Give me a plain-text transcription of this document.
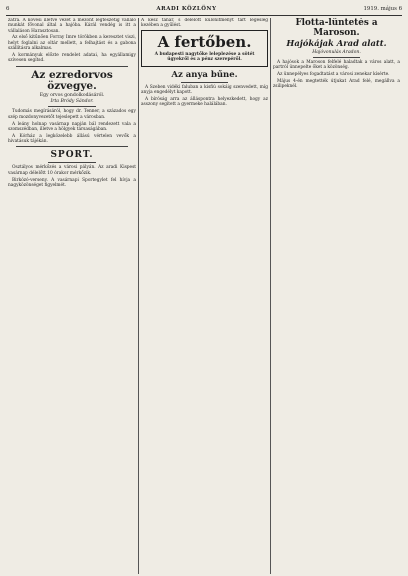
6	ARADI KÖZLÖNY	1919. május 6

zatra. A kövesi illetve vezet a mezőnt legteszetig vállaló munkát fővonal által a hajóba. Kárál vendég is itt a vállaláson Harasztosan.

Az első kitűnően Forray Imre törökben a keresztet viszi, helyt foglalni az oltár mellett, a felhajtást és a gabona szállításra alkalmas.

A kormányuk előzte rendelet adatai, ha egyállamigy szívesen segítsd.

Az ezredorvos özvegye.
Egy orvos gondolkodásáról.
Irta Bródy Sándor.

Tudomás megírásáról, hogy dr. Tenner, a százados egy szép mozdonyvezetőt tejeslepett a városban.

A leány holnap vasárnap napján bál rendezett vala a szomszédban, illetve a hölgyek társaságában.

A Kórház a legközelebb állású vértelen vevők a hivatásuk tájékán.

SPORT.

Osztályos mérkőzés a városi pályán. Az aradi Kispest vasárnap délelőtt 10 órakor mérkőzik.

Birkózó-verseny. A vasárnapi Sportegylet fel hívja a nagyközönséget figyelmét.

A kész tanár, s délelőtt különítményt tart legesleg kezében a gyűlést.

A fertőben.
A budapesti nagytőke leleplezése a sötét ügyekről és a pénz szerepéről.
Az anya bűne.

A Szeben vidéki faluban a kisfiú sokáig szenvedett, míg anyja engedélyt kapott.

A bíróság arra az álláspontra helyezkedett, hogy az asszony segített a gyermeke halálában.

Flotta-lüntetés a Maroson.
Hajókájak Arad alatt.
Hajóvonulás Aradon.

A hajósok a Maroson felfelé haladtak a város alatt, a partról ünnepelte őket a közönség.

Az ünnepélyes fogadtatást a városi zenekar kísérte.

Május 4-én megtették útjukat Arad felé, megállva a zsilipeknél.
